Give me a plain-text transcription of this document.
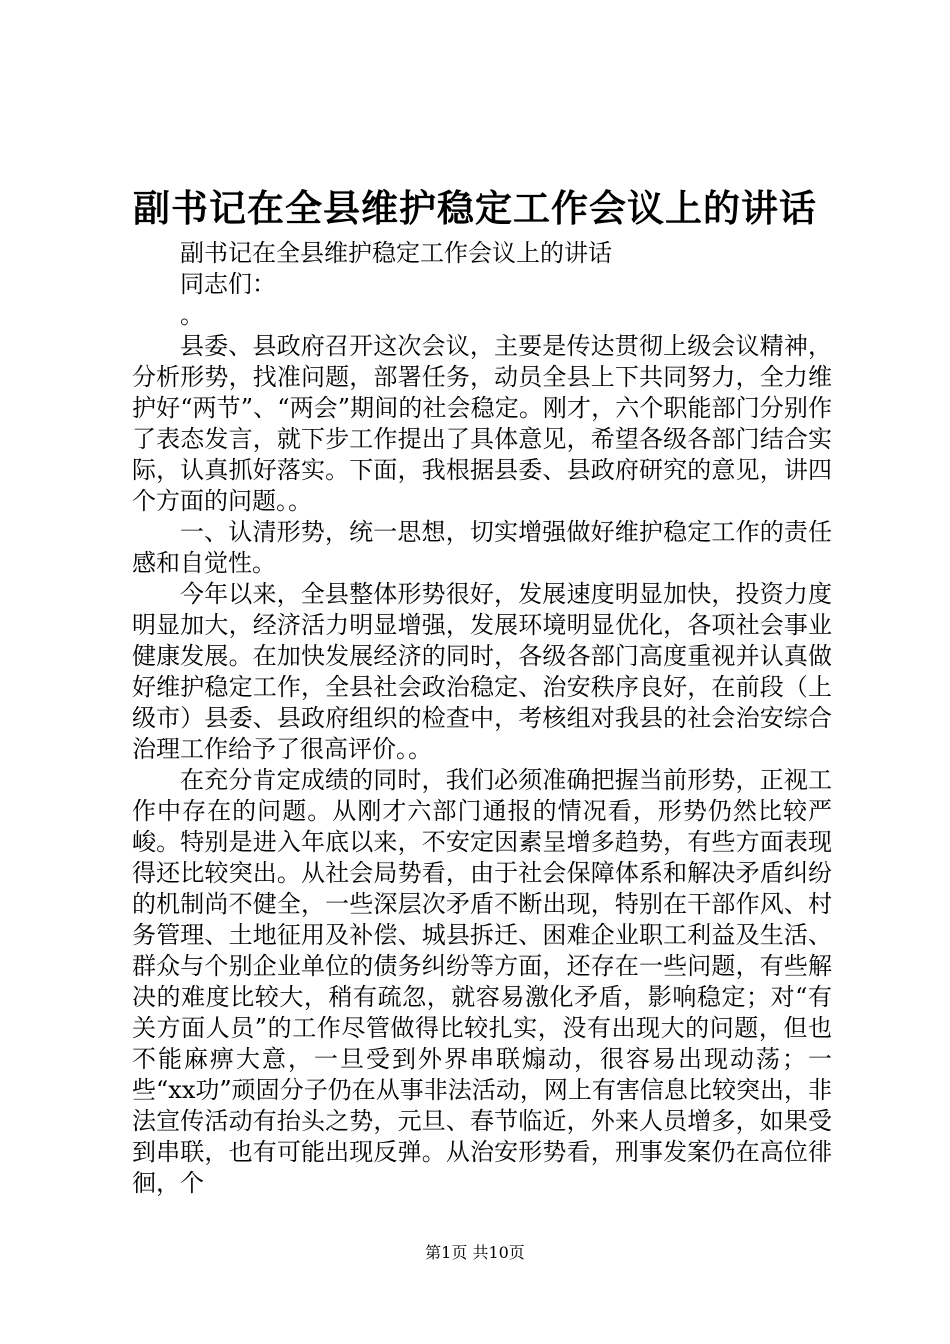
副书记在全县维护稳定工作会议上的讲话

副书记在全县维护稳定工作会议上的讲话

同志们：

。

县委、县政府召开这次会议，主要是传达贯彻上级会议精神，分析形势，找准问题，部署任务，动员全县上下共同努力，全力维护好“两节”、“两会”期间的社会稳定。刚才，六个职能部门分别作了表态发言，就下步工作提出了具体意见，希望各级各部门结合实际，认真抓好落实。下面，我根据县委、县政府研究的意见，讲四个方面的问题。。

一、认清形势，统一思想，切实增强做好维护稳定工作的责任感和自觉性。

今年以来，全县整体形势很好，发展速度明显加快，投资力度明显加大，经济活力明显增强，发展环境明显优化，各项社会事业健康发展。在加快发展经济的同时，各级各部门高度重视并认真做好维护稳定工作，全县社会政治稳定、治安秩序良好，在前段（上级市）县委、县政府组织的检查中，考核组对我县的社会治安综合治理工作给予了很高评价。。

在充分肯定成绩的同时，我们必须准确把握当前形势，正视工作中存在的问题。从刚才六部门通报的情况看，形势仍然比较严峻。特别是进入年底以来，不安定因素呈增多趋势，有些方面表现得还比较突出。从社会局势看，由于社会保障体系和解决矛盾纠纷的机制尚不健全，一些深层次矛盾不断出现，特别在干部作风、村务管理、土地征用及补偿、城县拆迁、困难企业职工利益及生活、群众与个别企业单位的债务纠纷等方面，还存在一些问题，有些解决的难度比较大，稍有疏忽，就容易激化矛盾，影响稳定；对“有关方面人员”的工作尽管做得比较扎实，没有出现大的问题，但也不能麻痹大意，一旦受到外界串联煽动，很容易出现动荡；一些“xx功”顽固分子仍在从事非法活动，网上有害信息比较突出，非法宣传活动有抬头之势，元旦、春节临近，外来人员增多，如果受到串联，也有可能出现反弹。从治安形势看，刑事发案仍在高位徘徊，个

第1页 共10页
